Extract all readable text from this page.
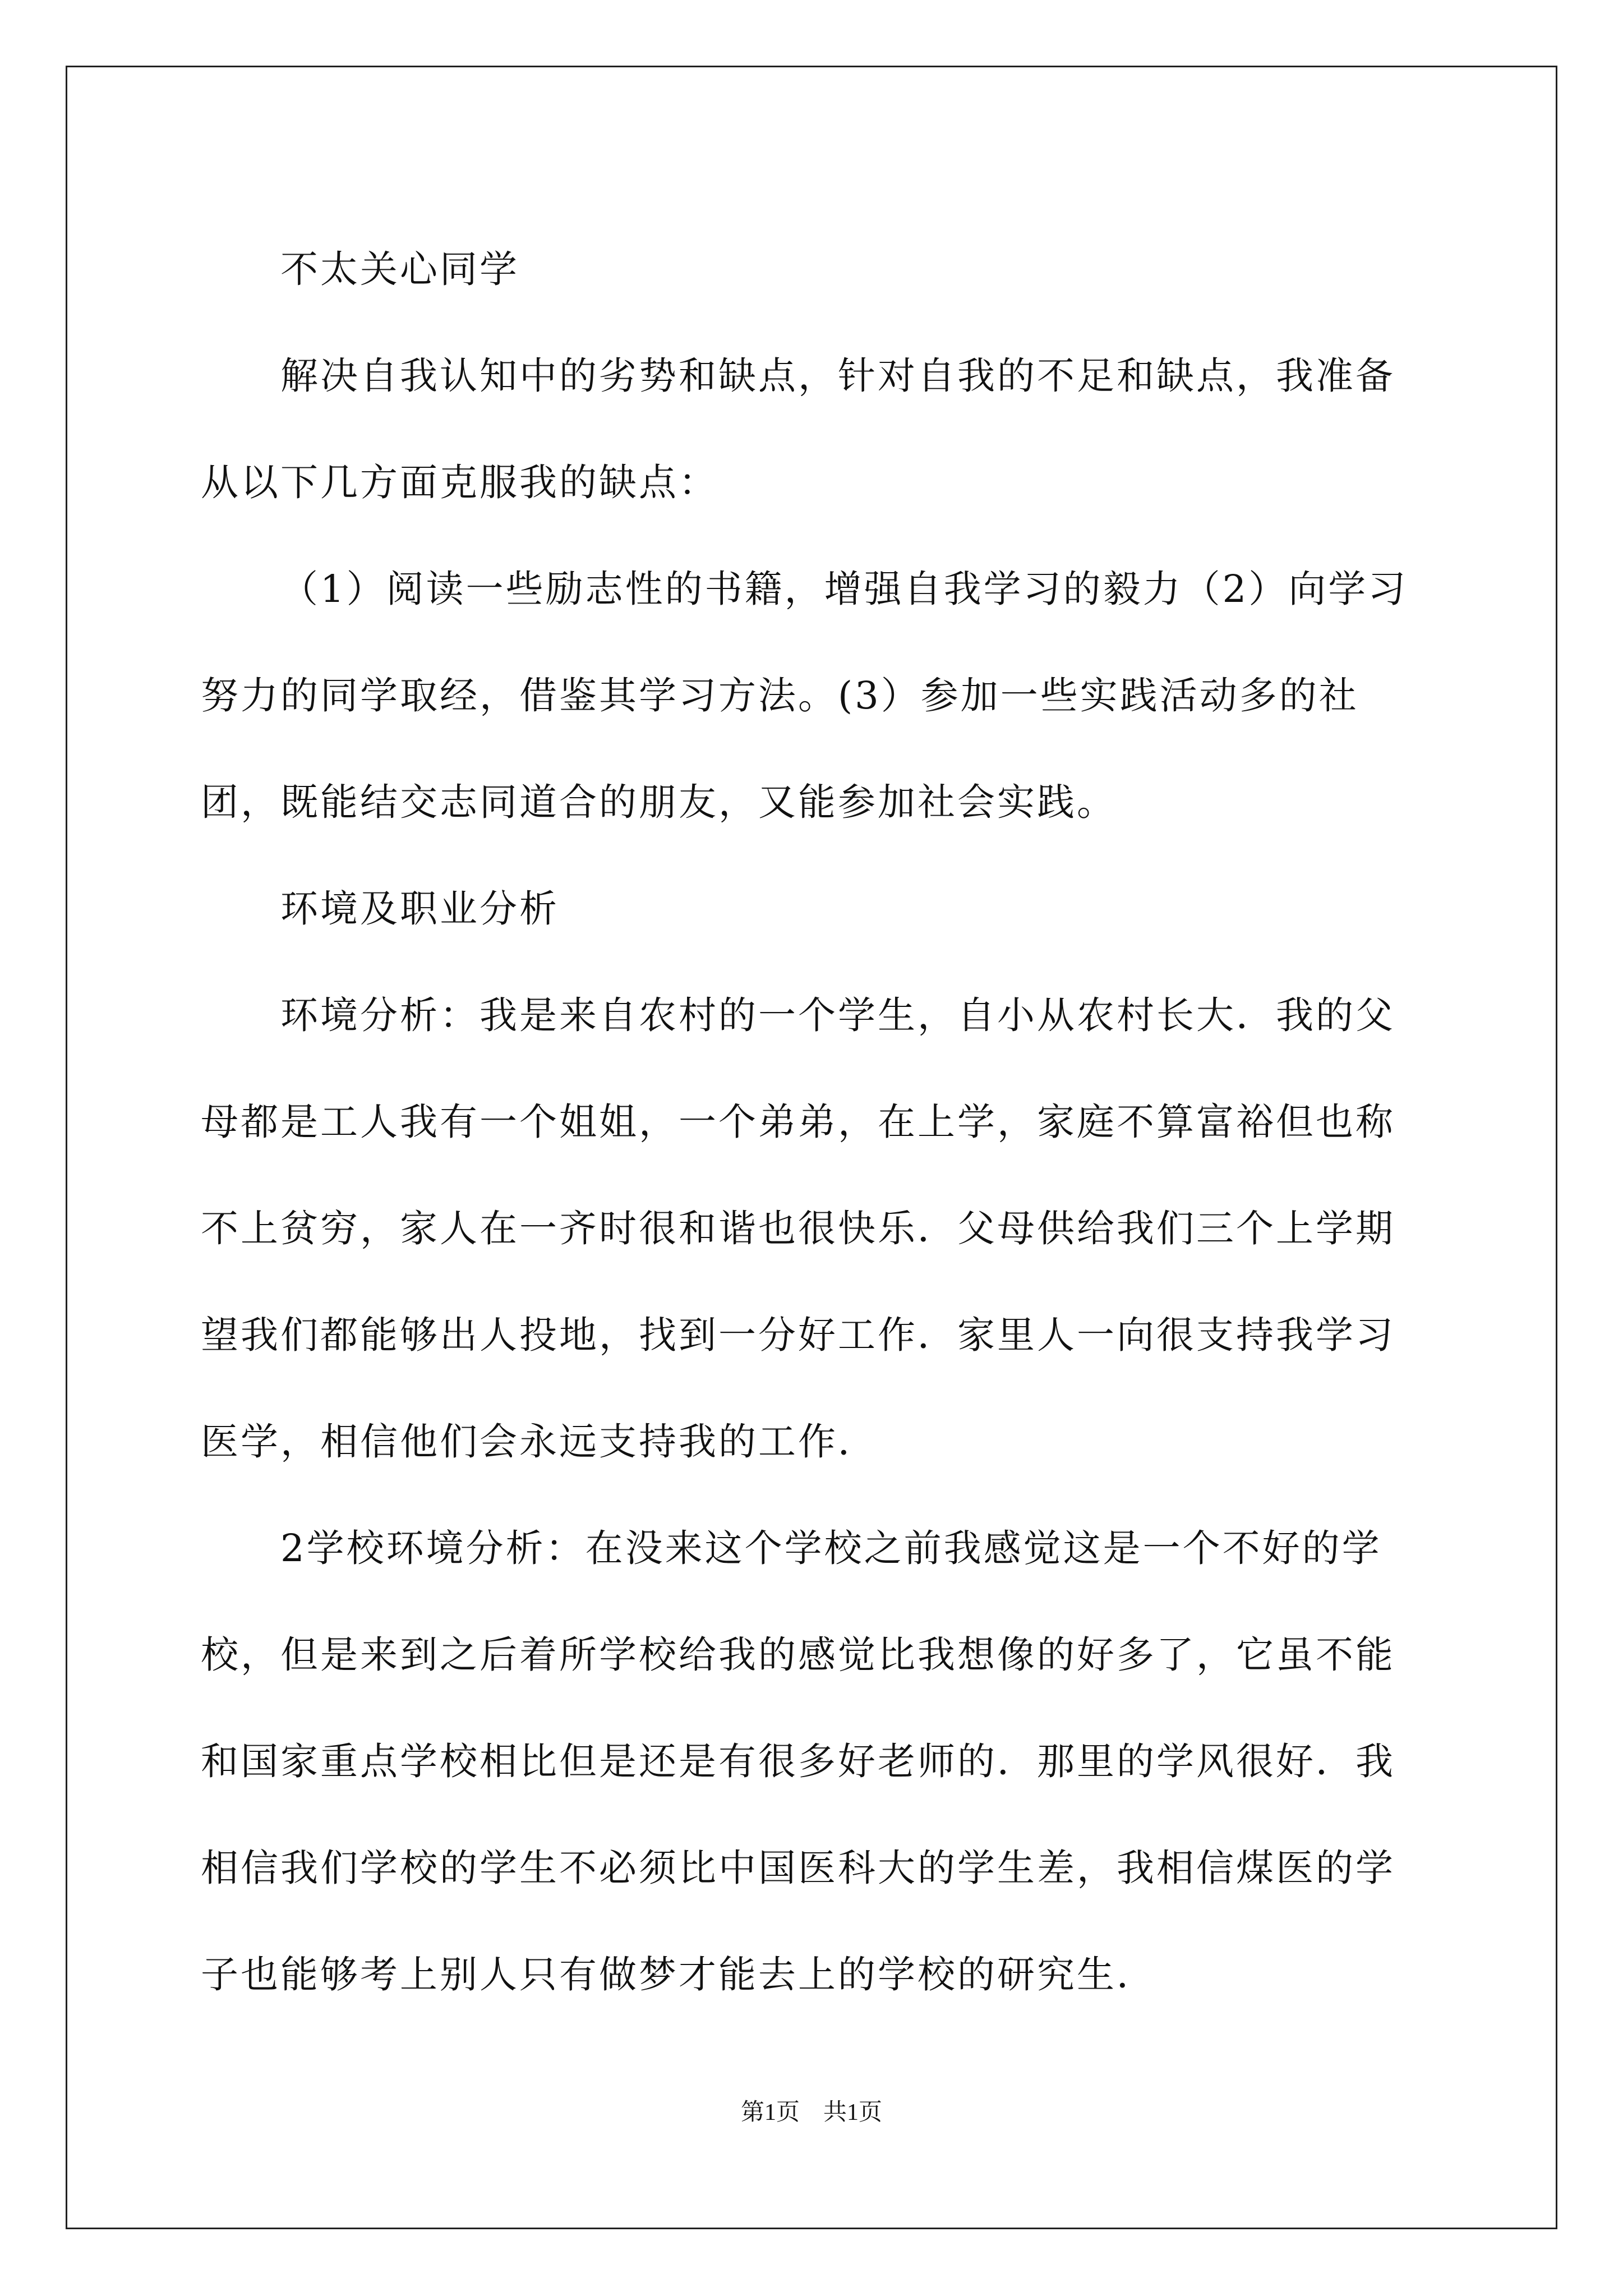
不太关心同学

解决自我认知中的劣势和缺点，针对自我的不足和缺点，我准备从以下几方面克服我的缺点：

（1）阅读一些励志性的书籍，增强自我学习的毅力（2）向学习努力的同学取经，借鉴其学习方法。(3）参加一些实践活动多的社团，既能结交志同道合的朋友，又能参加社会实践。

环境及职业分析

环境分析：我是来自农村的一个学生，自小从农村长大．我的父母都是工人我有一个姐姐，一个弟弟，在上学，家庭不算富裕但也称不上贫穷，家人在一齐时很和谐也很快乐．父母供给我们三个上学期望我们都能够出人投地，找到一分好工作．家里人一向很支持我学习医学，相信他们会永远支持我的工作．

2学校环境分析：在没来这个学校之前我感觉这是一个不好的学校，但是来到之后着所学校给我的感觉比我想像的好多了，它虽不能和国家重点学校相比但是还是有很多好老师的．那里的学风很好．我相信我们学校的学生不必须比中国医科大的学生差，我相信煤医的学子也能够考上别人只有做梦才能去上的学校的研究生．

第1页　共1页
